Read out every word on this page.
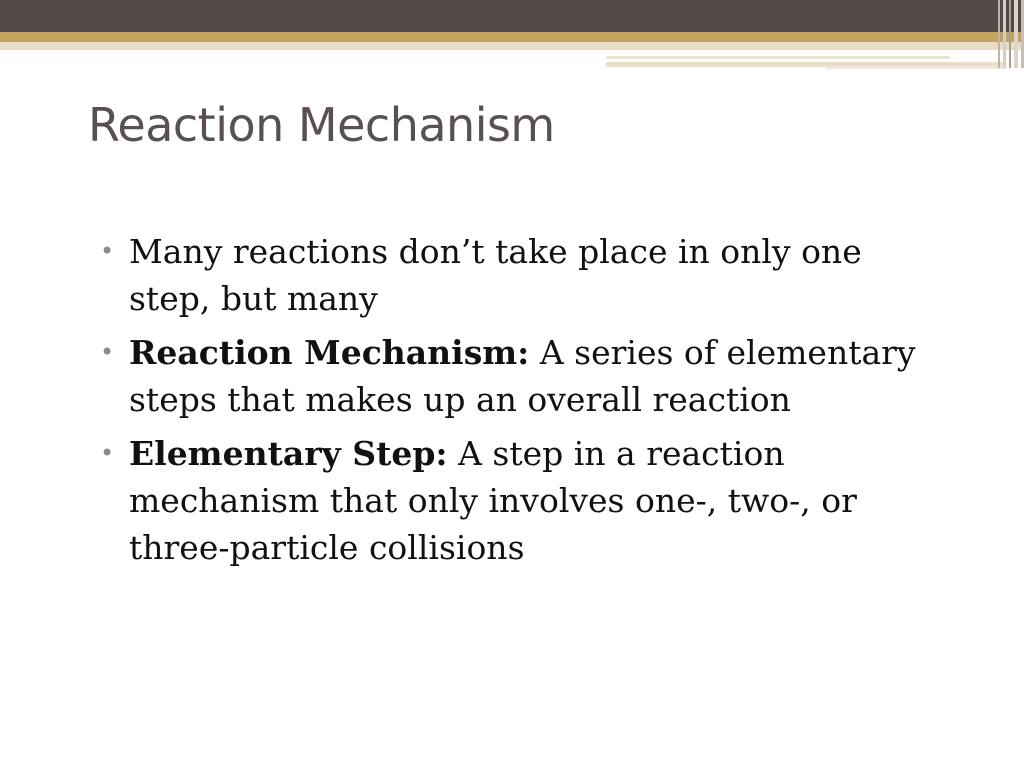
Reaction Mechanism
• Many reactions don’t take place in only one step, but many
• Reaction Mechanism: A series of elementary steps that makes up an overall reaction
• Elementary Step: A step in a reaction mechanism that only involves one-, two-, or three-particle collisions
